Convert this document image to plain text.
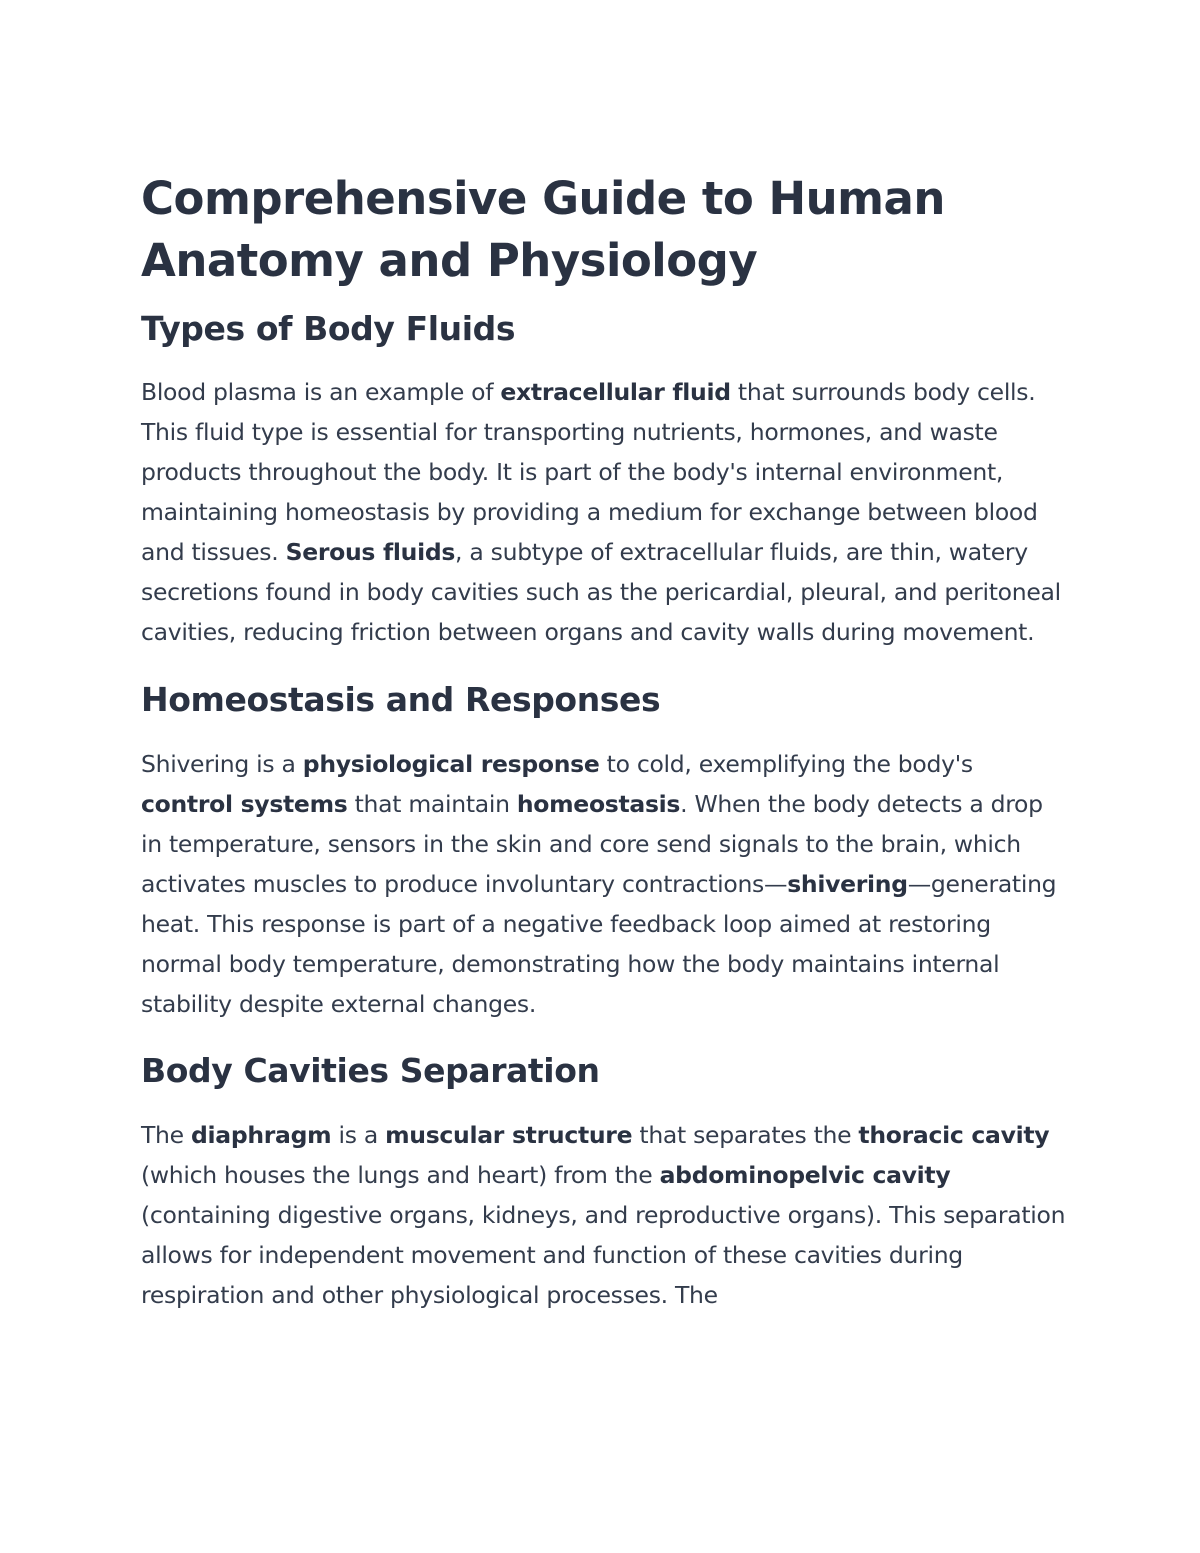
Comprehensive Guide to Human Anatomy and Physiology
Types of Body Fluids

Blood plasma is an example of extracellular fluid that surrounds body cells. This fluid type is essential for transporting nutrients, hormones, and waste products throughout the body. It is part of the body's internal environment, maintaining homeostasis by providing a medium for exchange between blood and tissues. Serous fluids, a subtype of extracellular fluids, are thin, watery secretions found in body cavities such as the pericardial, pleural, and peritoneal cavities, reducing friction between organs and cavity walls during movement.

Homeostasis and Responses

Shivering is a physiological response to cold, exemplifying the body's control systems that maintain homeostasis. When the body detects a drop in temperature, sensors in the skin and core send signals to the brain, which activates muscles to produce involuntary contractions—shivering—generating heat. This response is part of a negative feedback loop aimed at restoring normal body temperature, demonstrating how the body maintains internal stability despite external changes.

Body Cavities Separation

The diaphragm is a muscular structure that separates the thoracic cavity (which houses the lungs and heart) from the abdominopelvic cavity (containing digestive organs, kidneys, and reproductive organs). This separation allows for independent movement and function of these cavities during respiration and other physiological processes. The
